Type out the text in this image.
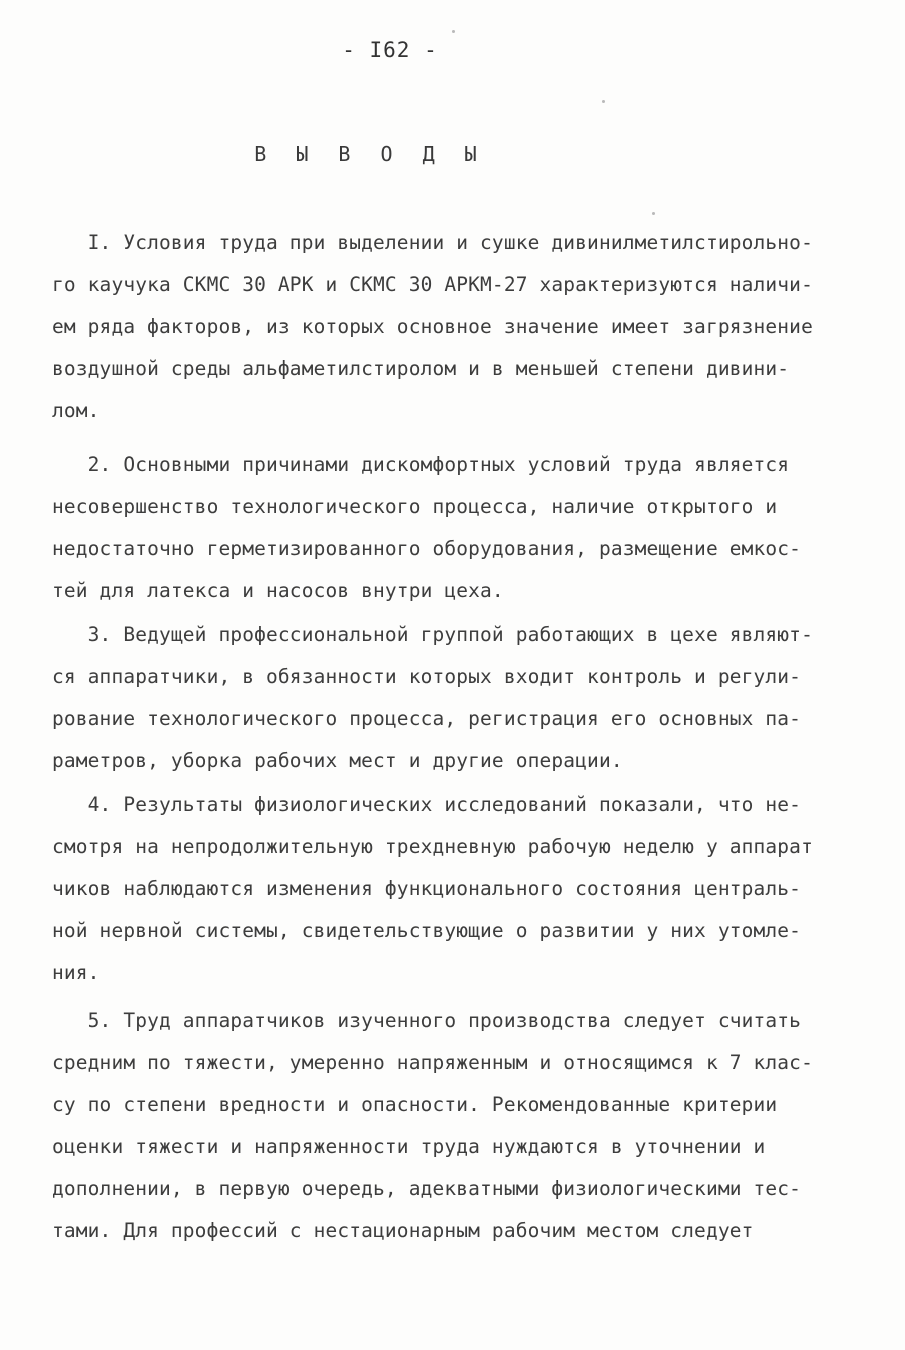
- I62 -
В Ы В О Д Ы
I. Условия труда при выделении и сушке дивинилметилстирольно-
го каучука СКМС 30 АРК и СКМС 30 АРКМ-27 характеризуются наличи-
ем ряда факторов, из которых основное значение имеет загрязнение
воздушной среды альфаметилстиролом и в меньшей степени дивини-
лом.
2. Основными причинами дискомфортных условий труда является
несовершенство технологического процесса, наличие открытого и
недостаточно герметизированного оборудования, размещение емкос-
тей для латекса и насосов внутри цеха.
3. Ведущей профессиональной группой работающих в цехе являют-
ся аппаратчики, в обязанности которых входит контроль и регули-
рование технологического процесса, регистрация его основных па-
раметров, уборка рабочих мест и другие операции.
4. Результаты физиологических исследований показали, что не-
смотря на непродолжительную трехдневную рабочую неделю у аппарат
чиков наблюдаются изменения функционального состояния централь-
ной нервной системы, свидетельствующие о развитии у них утомле-
ния.
5. Труд аппаратчиков изученного производства следует считать
средним по тяжести, умеренно напряженным и относящимся к 7 клас-
су по степени вредности и опасности. Рекомендованные критерии
оценки тяжести и напряженности труда нуждаются в уточнении и
дополнении, в первую очередь, адекватными физиологическими тес-
тами. Для профессий с нестационарным рабочим местом следует
